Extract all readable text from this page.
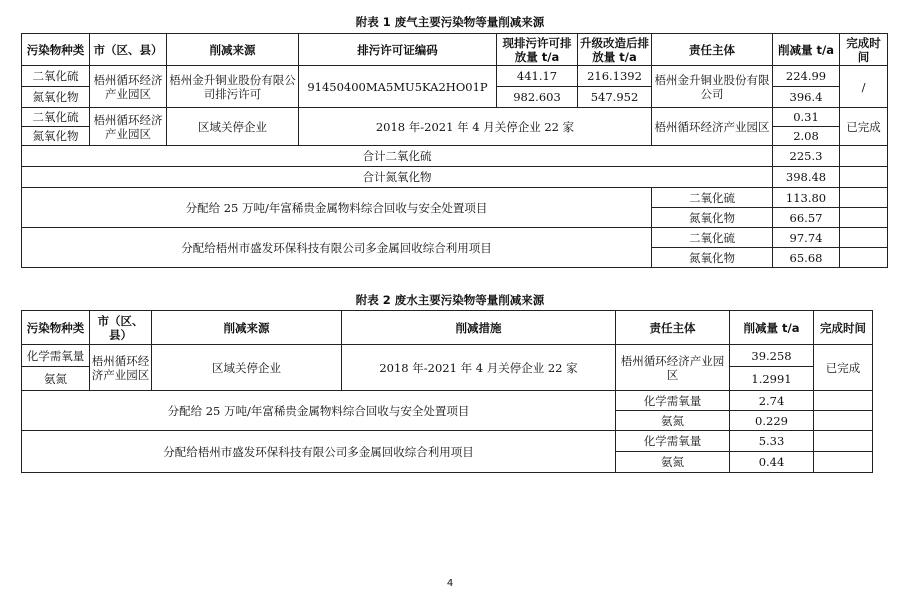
附表 1 废气主要污染物等量削减来源
污染物种类	市（区、县）	削减来源	排污许可证编码	现排污许可排放量 t/a	升级改造后排放量 t/a	责任主体	削减量 t/a	完成时间
二氧化硫	梧州循环经济产业园区	梧州金升铜业股份有限公司排污许可	91450400MA5MU5KA2HO01P	441.17	216.1392	梧州金升铜业股份有限公司	224.99	/
氮氧化物				982.603	547.952		396.4	
二氧化硫	梧州循环经济产业园区	区域关停企业	2018 年-2021 年 4 月关停企业 22 家			梧州循环经济产业园区	0.31	已完成
氮氧化物							2.08	
合计二氧化硫							225.3	
合计氮氧化物							398.48	
分配给 25 万吨/年富稀贵金属物料综合回收与安全处置项目						二氧化硫	113.80	
						氮氧化物	66.57	
分配给梧州市盛发环保科技有限公司多金属回收综合利用项目						二氧化硫	97.74	
						氮氧化物	65.68	
附表 2 废水主要污染物等量削减来源
污染物种类	市（区、县）	削减来源	削减措施	责任主体	削减量 t/a	完成时间
化学需氧量	梧州循环经济产业园区	区域关停企业	2018 年-2021 年 4 月关停企业 22 家	梧州循环经济产业园区	39.258	已完成
氨氮					1.2991	
分配给 25 万吨/年富稀贵金属物料综合回收与安全处置项目				化学需氧量	2.74	
				氨氮	0.229	
分配给梧州市盛发环保科技有限公司多金属回收综合利用项目				化学需氧量	5.33	
				氨氮	0.44	
4
